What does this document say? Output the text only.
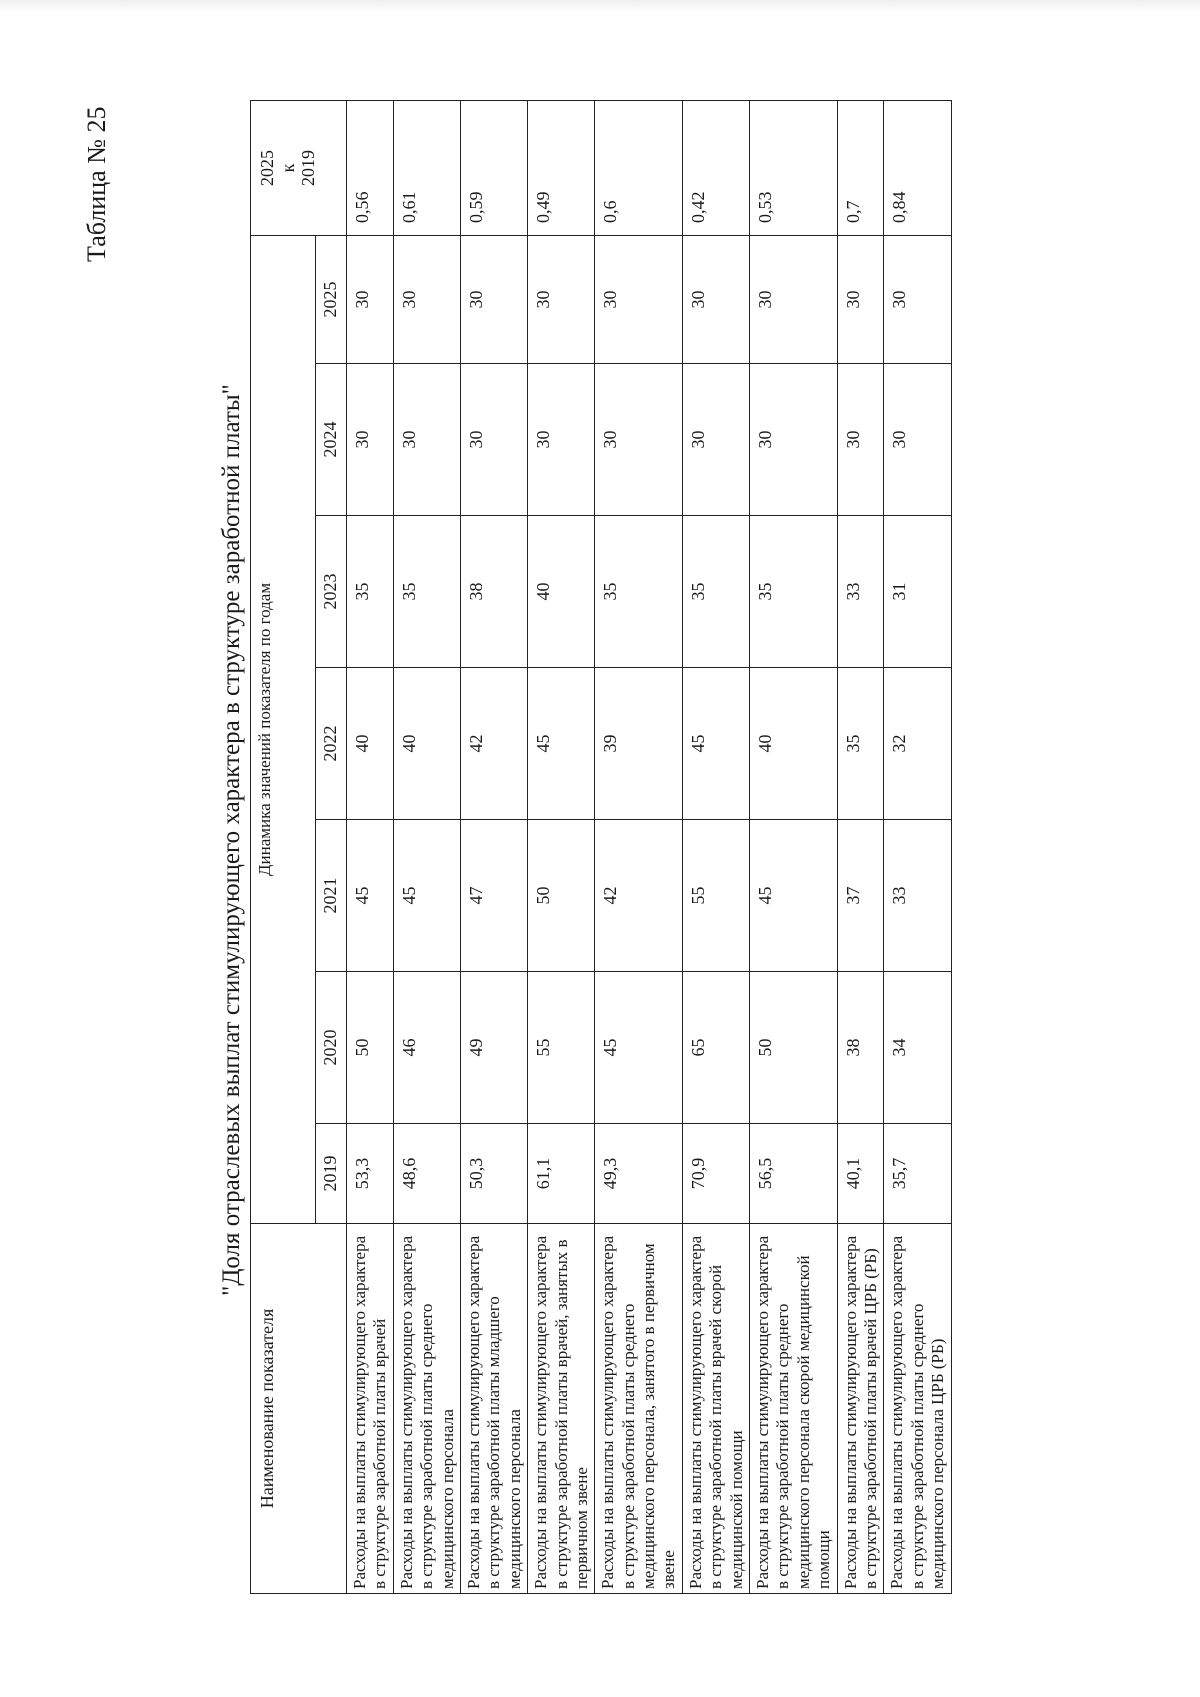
Таблица № 25
"Доля отраслевых выплат стимулирующего характера в структуре заработной платы"
Наименование показателя	Динамика значений показателя по годам							2025
к
2019
	2019	2020	2021	2022	2023	2024	2025	
Расходы на выплаты стимулирующего характера в структуре заработной платы врачей	53,3	50	45	40	35	30	30	0,56
Расходы на выплаты стимулирующего характера в структуре заработной платы среднего медицинского персонала	48,6	46	45	40	35	30	30	0,61
Расходы на выплаты стимулирующего характера в структуре заработной платы младшего медицинского персонала	50,3	49	47	42	38	30	30	0,59
Расходы на выплаты стимулирующего характера в структуре заработной платы врачей, занятых в первичном звене	61,1	55	50	45	40	30	30	0,49
Расходы на выплаты стимулирующего характера в структуре заработной платы среднего медицинского персонала, занятого в первичном звене	49,3	45	42	39	35	30	30	0,6
Расходы на выплаты стимулирующего характера в структуре заработной платы врачей скорой медицинской помощи	70,9	65	55	45	35	30	30	0,42
Расходы на выплаты стимулирующего характера в структуре заработной платы среднего медицинского персонала скорой медицинской помощи	56,5	50	45	40	35	30	30	0,53
Расходы на выплаты стимулирующего характера в структуре заработной платы врачей ЦРБ (РБ)	40,1	38	37	35	33	30	30	0,7
Расходы на выплаты стимулирующего характера в структуре заработной платы среднего медицинского персонала ЦРБ (РБ)	35,7	34	33	32	31	30	30	0,84
